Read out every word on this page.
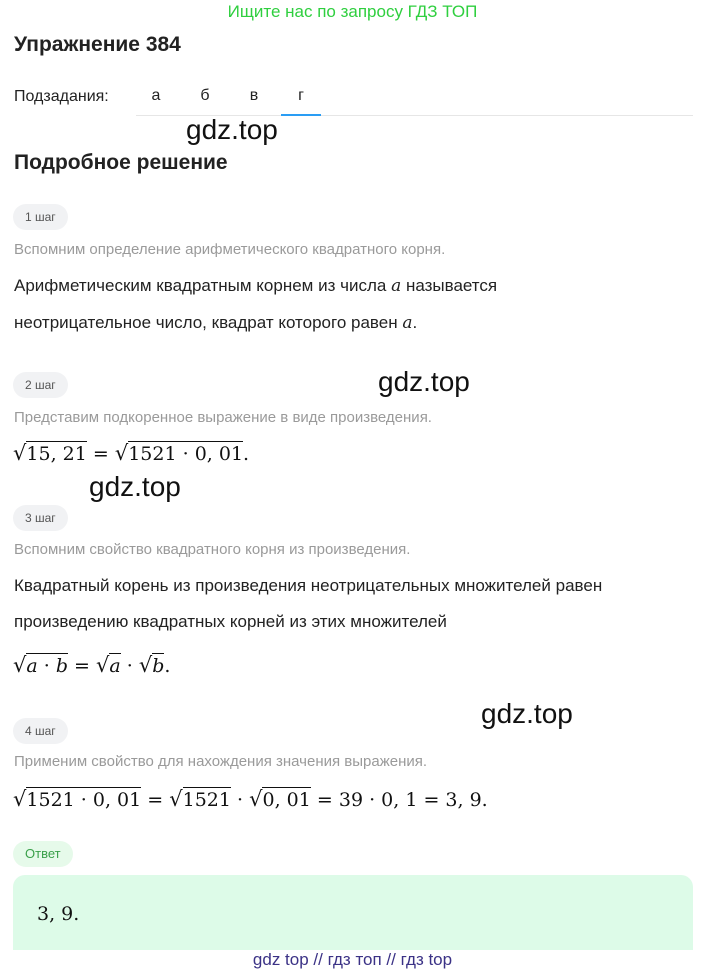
Ищите нас по запросу ГДЗ ТОП
Упражнение 384
Подзадания:	а	б	в	г
gdz.top
Подробное решение
1 шаг
Вспомним определение арифметического квадратного корня.
Арифметическим квадратным корнем из числа a называется
неотрицательное число, квадрат которого равен a.
2 шаг	gdz.top
Представим подкоренное выражение в виде произведения.
√15, 21 = √1521 · 0, 01.
gdz.top
3 шаг
Вспомним свойство квадратного корня из произведения.
Квадратный корень из произведения неотрицательных множителей равен
произведению квадратных корней из этих множителей
√a · b = √a · √b.
4 шаг
gdz.top
Применим свойство для нахождения значения выражения.
√1521 · 0, 01 = √1521 · √0, 01 = 39 · 0, 1 = 3, 9.
Ответ
3, 9.
gdz top // гдз топ // гдз top
